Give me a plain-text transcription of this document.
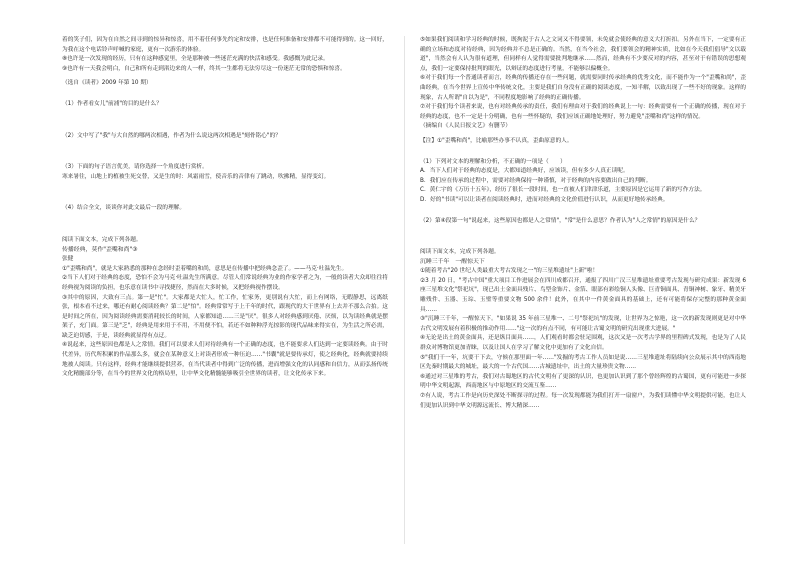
着的笑子们，因为在自然之间寻到的惊异和惊喜，用不着任何事先约定和安排，也是任何准备和安排都不可能得到的。这一回好，为我在这个电话铃声呼喊的家庭，更有一次游乐的体验。

⑧也许是一次发现的经历，只有在这种感觉里，全是那种被一些迷茫充满的快活和感受。我感慨为此记录。

⑨也许有一天我会明白，自己和所有走到渚边来的人一样，终其一生都将无法穷尽这一份迷茫无常的恐惧和惊喜。

（选自《读者》2009 年第 10 期）

（1）作者看女儿"前浦"的目的是什么？

（2）文中写了"我"与大自然的哪两次相遇，作者为什么说这两次相遇是"刻骨铭心"的？

（3）下面的句子语言优美，请你选择一个角度进行赏析。
寒来暑往，山地上的植被生死交替，又是生的时：风霜雨雪，使音乐的音律有了跳动，吹拂精，显得变幻。

（4）结合全文，谈谈你对此文最后一段的理解。

阅读下面文本，完成下列各题。

传播经典，莫作"歪嘴和尚"③

张健

①"歪嘴和尚"，就是大家熟悉的那种在念经时歪着嘴的和尚，意思是在传播中把经典念歪了。——马克·吐温先生。

②当下人们对于经典的态度，恐怕不会为马克·吐温先生所满意。尽管人们常说经典为业的作家学者之为，一般的读者大众却往往将经典视为阅读的负担，也乐意在读书中寻找捷径，然而在大多时候，又把经典视作摆设。

③其中的原因，大致有三点。第一是"忙"。大家都是大忙人，忙工作，忙家务，更别说有大忙，而上有网络，无暇静思，远离纸张，根本看不过来，哪还有耐心阅读经典？第二是"怕"。经典常常写于上千年的时代，跟现代的大干世界有上去并不那么合拍。这是时间之所在，因为阅读经典需要消耗较长的时间，人家都知道……三是"厌"。很多人对经典感到厌倦、厌烦，以为读经典就是摆架子，充门面。第三是"乏"，经典是用来用于不用，不用便不怕，若还不如种种浮光掠影的现代品味来得实在，为生活之所必需，缺乏迫切感，于是，读经典就显得有点迂。

④说起来，这些原因也都是人之常情。我们可以要求人们对待经典有一个正确的态度，也不能要求人们达到一定要读经典。由于时代差异，历代所积累的作品那么多，就会在某种意义上对读者形成一种压迫……"书囊"就是要传承灯，使之经典化，经典就要持续地被人阅读。只有这样，经典才能继续提供营养，在当代读者中得到广泛的传播，进而增强文化的认同感和自信力，从而弘扬传统文化精髓部分等，在当今的世界文化的格局里，让中华文化精髓能够吸引全世界的读者，让文化传承下来。

⑤如果我们阅读和学习经典的时候，既拘泥于古人之文词又不得要领，未免就会使经典的意义大打折扣。另外在当下，一定要有正确的立场和态度对待经典，因为经典并不总是正确的。当然，在当今社会，我们要领会的精神实质，比如在今天我们倡导"文以载道"，当然会有人认为很有道理，但同样有人觉得需要批判地继承……然而，经典有不少要反对的内容，甚至对于有错误的思想观点，我们一定要保持批判的眼光，以辩证的态度进行考量，不能够以偏概全。

⑥对于我们每一个普通读者而言，经典的传播还存在一些问题，就需要同时传承经典的优秀文化，而不能作为一个"歪嘴和尚"，歪曲经典，在当今世界上宣传中华传统文化，主要是我们自身没有正确的阅读态度，一知半解，以致出现了一些不好的现象。这样的现象，古人所谓"自以为是"，不同程度地影响了经典的正确传播。

⑦对于我们每个读者来说，也有对经典传承的责任，我们有理由对于我们的经典说上一句：经典需要有一个正确的传播，现在对于经典的态度，也不一定是十分明确，也有一些怀疑的，我们应该正确地处理好，努力避免"歪嘴和尚"这样的情况。

（摘编自《人民日报文艺》有删节）

【注】①"歪嘴和尚"，比喻那些办事不认真，歪曲原意的人。

（1）下列对文本的理解和分析，不正确的一项是（　　）

A．当下人们对于经典的态度是，大都知道经典好，应该读，但有多少人真正读呢。

B．我们应在传承的过程中，需要对经典保持一种谨慎，对于经典的内容要做出自己的判断。

C．黄仁宇的《万历十五年》，经历了很长一段时间，也一直被人们津津乐道，主要原因是它运用了新的写作方法。

D．好的"书读"可以让读者在阅读经典时，进而对经典的文化价值进行认识，从而更好地传承经典。

（2）第④段第一句"说起来，这些原因也都是人之常情"，"常"是什么意思？作者认为"人之常情"的原因是什么？

阅读下面文本，完成下列各题。

沉睡三千年　一醒惊天下

①随着考古"20 世纪人类最重大考古发现之一"的三星堆遗址"上新"啦！

②3 月 20 日，"考古中国"重大项目工作进展会在四川成都召开，通报了四川广汉三星堆遗址重要考古发现与研究成果：新发现 6 座三星堆文化"祭祀坑"，现已出土金面具残片、鸟型金饰片、金箔、眼部有彩绘铜人头像、巨青铜面具、青铜神树、象牙、精美牙雕残件、玉器、玉琮、玉璧等重要文物 500 余件！此外，在其中一件黄金面具的基础上，还有可能将保存完整的那种黄金面具……

③"沉睡三千年，一醒惊天下。"如果说 35 年前三星堆一、二号"祭祀坑"的发现，让世界为之惊艳，这一次的新发现则更是对中华古代文明发展有着积极的推动作用……"这一次的有点不同，有可能让古蜀文明的研究出现重大进展。"

④无论是出土的黄金面具，还是纵目面具……，人们观看时都会驻足围观，这次又是一次考古学界的里程碑式发现，也是为了人民群众对博物馆更加青睐，以及让国人在学习了解文化中更加有了文化自信。

⑤"我们干一年，坑要干下去，守候在那里面一年……"发掘的考古工作人员如是说……三星堆遗址将陆续向公众展示其中的西南地区先秦时期最大的城址，最大的一个古代国……古城遗址中，出土的大量珍贵文物……

⑥通过对三星堆的考古，我们对古蜀地区的古代文明有了更深的认识，也更加认识到了那个曾经辉煌的古蜀国，更有可能进一步探明中华文明起源，西南地区与中原地区的交流互鉴……

⑦有人说，考古工作是向历史深处不断探寻的过程。每一次发现都能为我们打开一扇窗户，为我们读懂中华文明提供可能，也让人们更加认识到中华文明源远流长、博大精深……
